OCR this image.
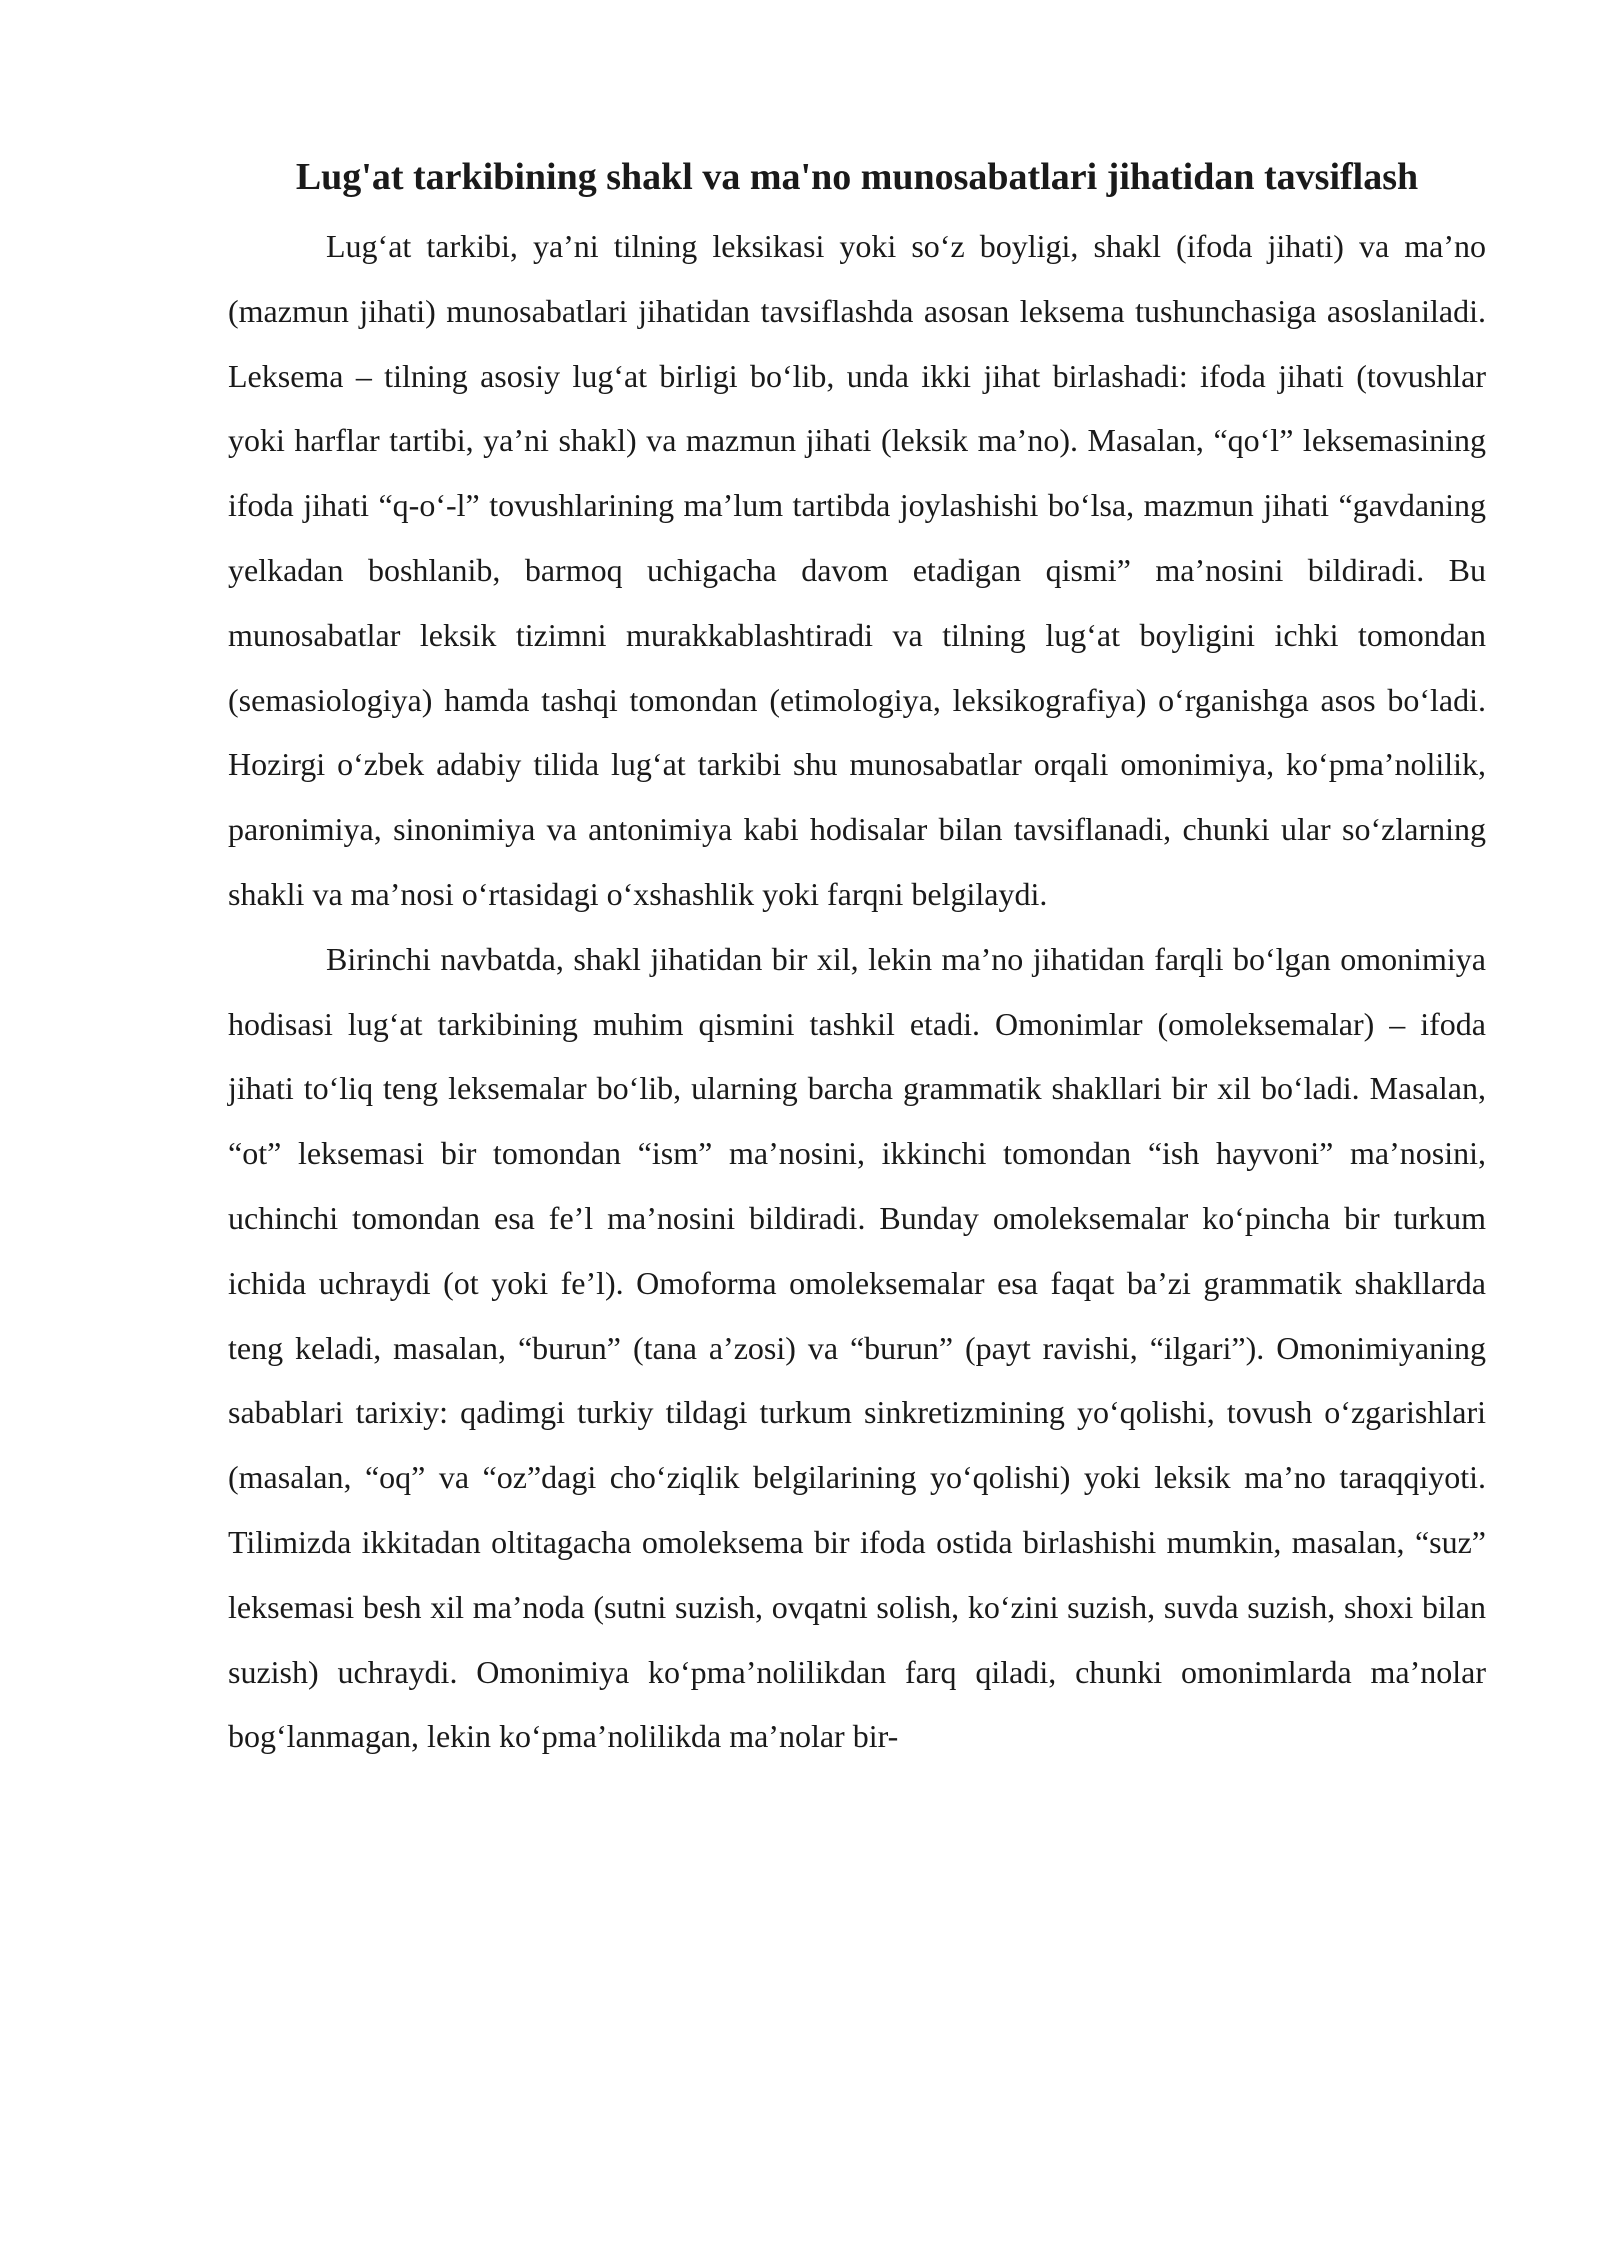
Lug'at tarkibining shakl va ma'no munosabatlari jihatidan tavsiflash

Lug‘at tarkibi, ya’ni tilning leksikasi yoki so‘z boyligi, shakl (ifoda jihati) va ma’no (mazmun jihati) munosabatlari jihatidan tavsiflashda asosan leksema tushunchasiga asoslaniladi. Leksema – tilning asosiy lug‘at birligi bo‘lib, unda ikki jihat birlashadi: ifoda jihati (tovushlar yoki harflar tartibi, ya’ni shakl) va mazmun jihati (leksik ma’no). Masalan, “qo‘l” leksemasining ifoda jihati “q-o‘-l” tovushlarining ma’lum tartibda joylashishi bo‘lsa, mazmun jihati “gavdaning yelkadan boshlanib, barmoq uchigacha davom etadigan qismi” ma’nosini bildiradi. Bu munosabatlar leksik tizimni murakkablashtiradi va tilning lug‘at boyligini ichki tomondan (semasiologiya) hamda tashqi tomondan (etimologiya, leksikografiya) o‘rganishga asos bo‘ladi. Hozirgi o‘zbek adabiy tilida lug‘at tarkibi shu munosabatlar orqali omonimiya, ko‘pma’nolilik, paronimiya, sinonimiya va antonimiya kabi hodisalar bilan tavsiflanadi, chunki ular so‘zlarning shakli va ma’nosi o‘rtasidagi o‘xshashlik yoki farqni belgilaydi.

Birinchi navbatda, shakl jihatidan bir xil, lekin ma’no jihatidan farqli bo‘lgan omonimiya hodisasi lug‘at tarkibining muhim qismini tashkil etadi. Omonimlar (omoleksemalar) – ifoda jihati to‘liq teng leksemalar bo‘lib, ularning barcha grammatik shakllari bir xil bo‘ladi. Masalan, “ot” leksemasi bir tomondan “ism” ma’nosini, ikkinchi tomondan “ish hayvoni” ma’nosini, uchinchi tomondan esa fe’l ma’nosini bildiradi. Bunday omoleksemalar ko‘pincha bir turkum ichida uchraydi (ot yoki fe’l). Omoforma omoleksemalar esa faqat ba’zi grammatik shakllarda teng keladi, masalan, “burun” (tana a’zosi) va “burun” (payt ravishi, “ilgari”). Omonimiyaning sabablari tarixiy: qadimgi turkiy tildagi turkum sinkretizmining yo‘qolishi, tovush o‘zgarishlari (masalan, “oq” va “oz”dagi cho‘ziqlik belgilarining yo‘qolishi) yoki leksik ma’no taraqqiyoti. Tilimizda ikkitadan oltitagacha omoleksema bir ifoda ostida birlashishi mumkin, masalan, “suz” leksemasi besh xil ma’noda (sutni suzish, ovqatni solish, ko‘zini suzish, suvda suzish, shoxi bilan suzish) uchraydi. Omonimiya ko‘pma’nolilikdan farq qiladi, chunki omonimlarda ma’nolar bog‘lanmagan, lekin ko‘pma’nolilikda ma’nolar bir-
